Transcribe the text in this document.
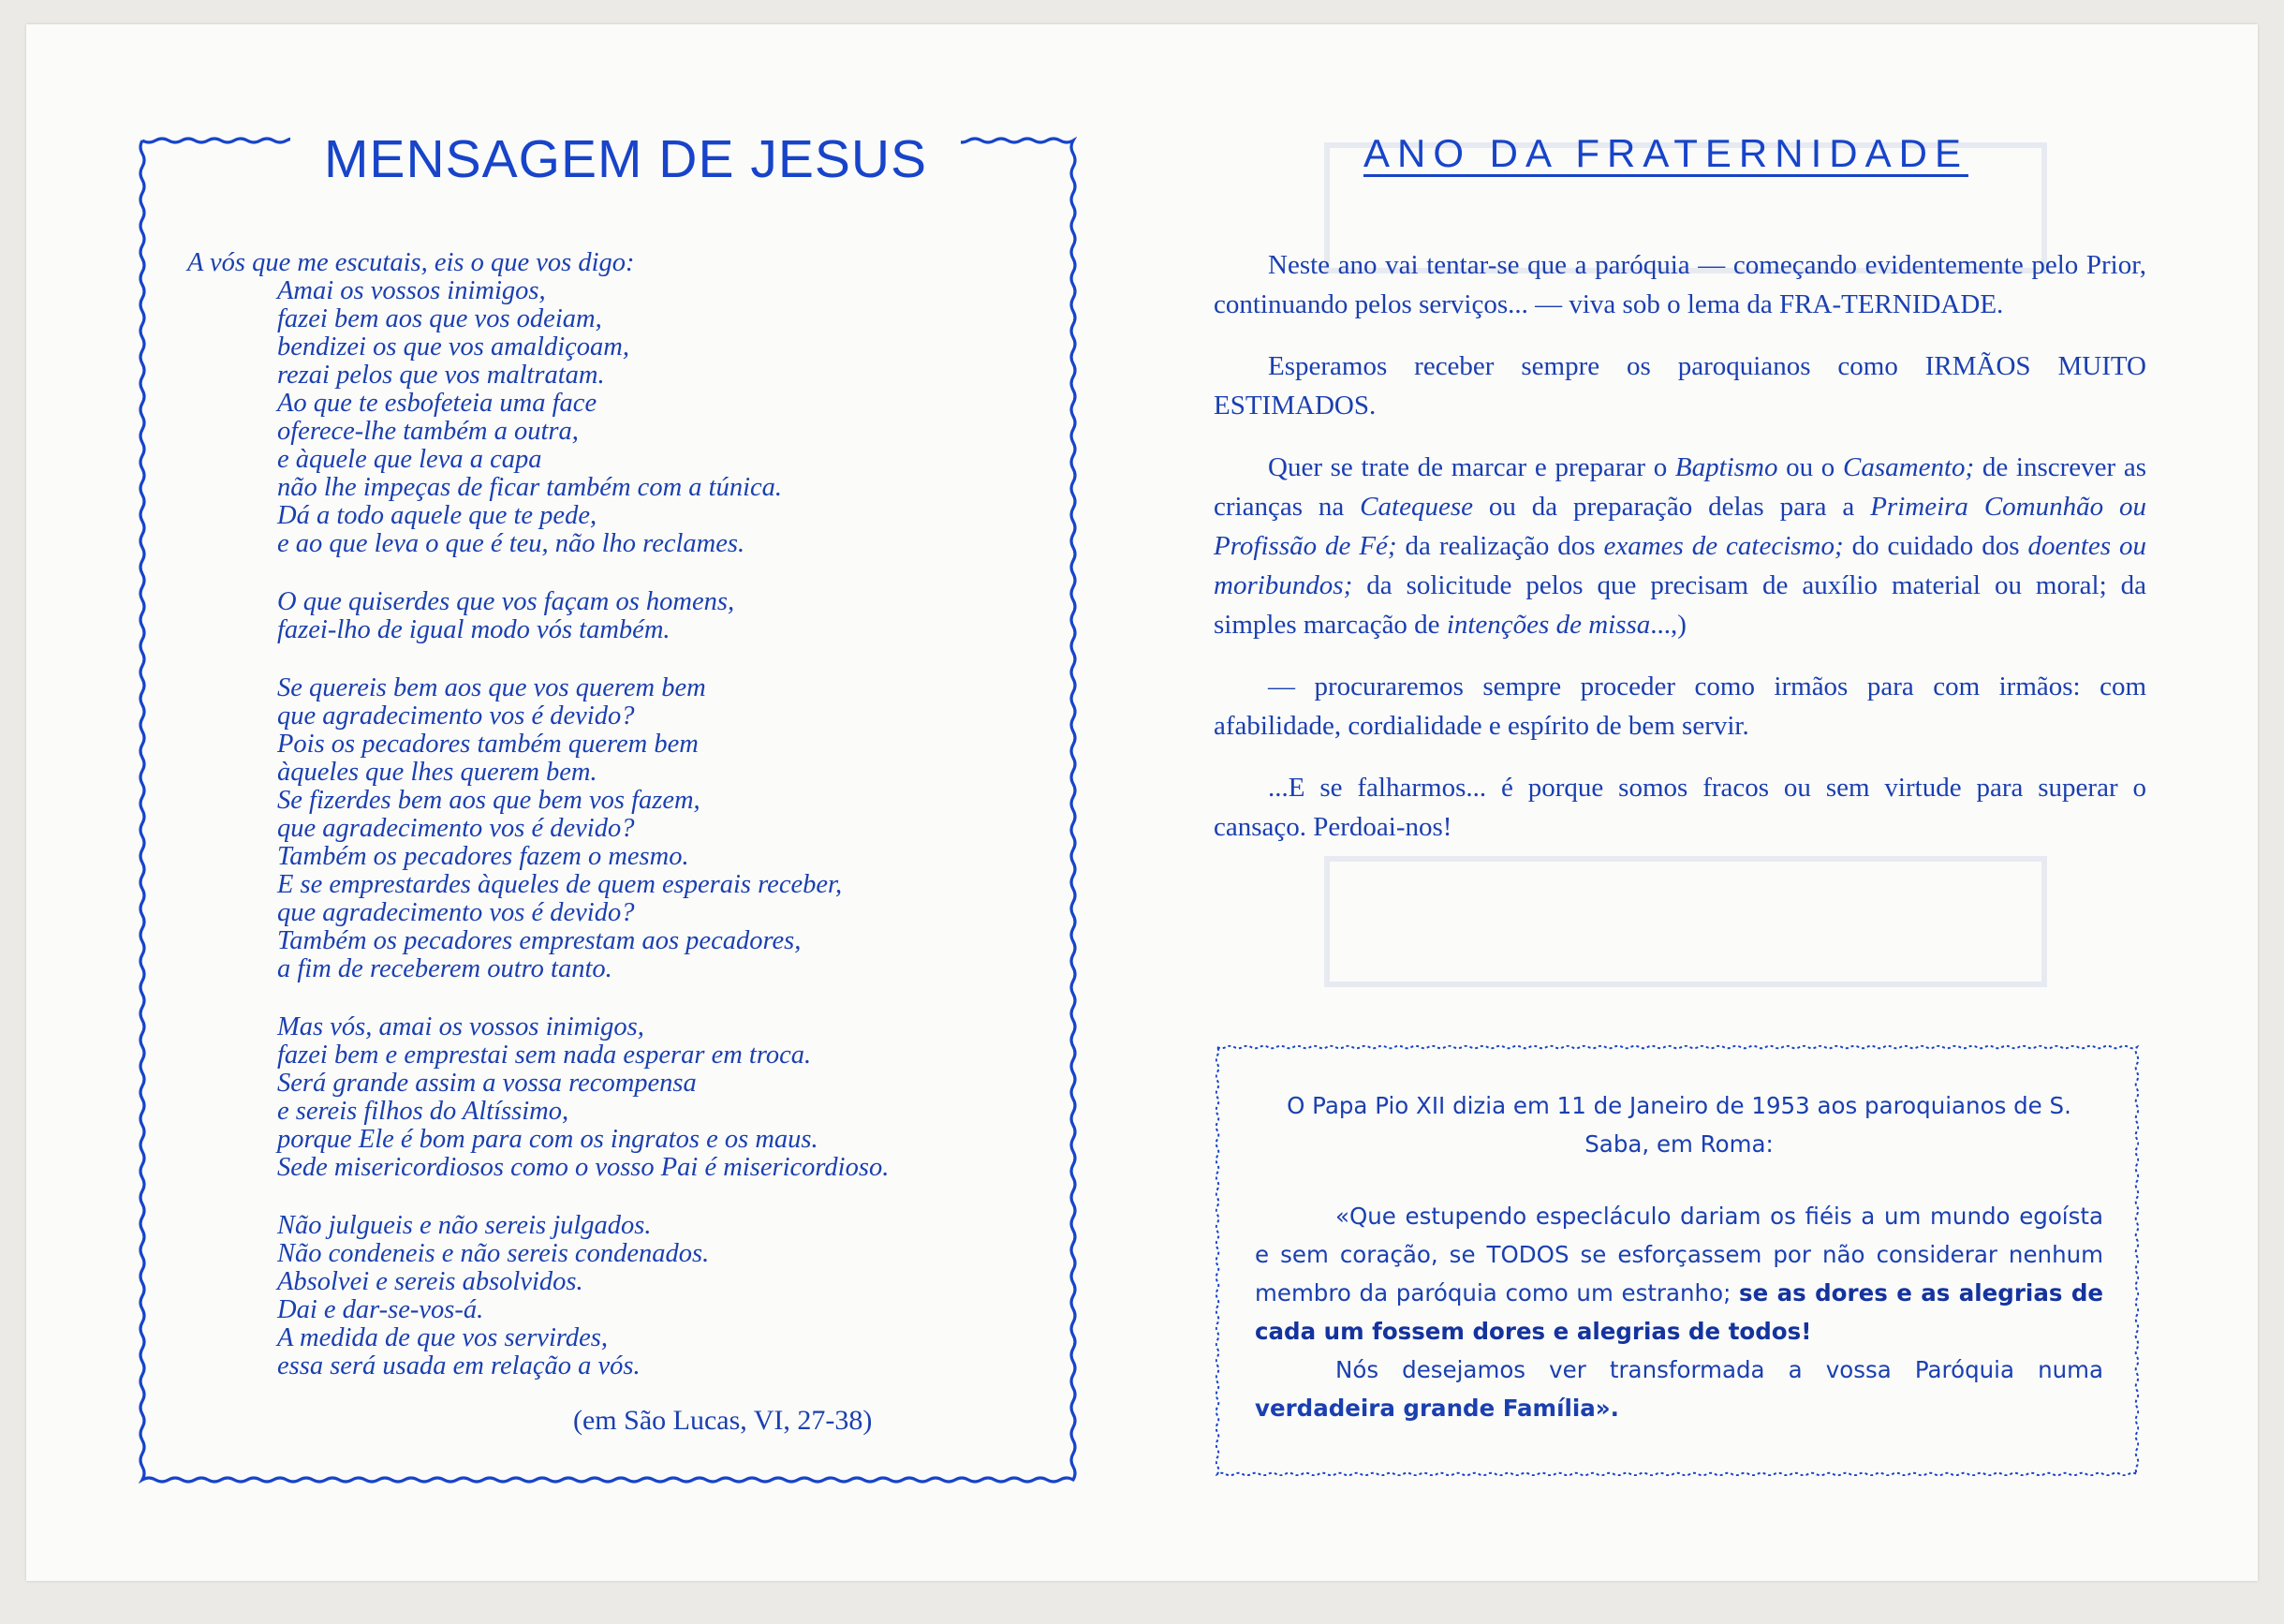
MENSAGEM DE JESUS
A vós que me escutais, eis o que vos digo:
Amai os vossos inimigos,
fazei bem aos que vos odeiam,
bendizei os que vos amaldiçoam,
rezai pelos que vos maltratam.
Ao que te esbofeteia uma face
oferece-lhe também a outra,
e àquele que leva a capa
não lhe impeças de ficar também com a túnica.
Dá a todo aquele que te pede,
e ao que leva o que é teu, não lho reclames.
O que quiserdes que vos façam os homens,
fazei-lho de igual modo vós também.
Se quereis bem aos que vos querem bem
que agradecimento vos é devido?
Pois os pecadores também querem bem
àqueles que lhes querem bem.
Se fizerdes bem aos que bem vos fazem,
que agradecimento vos é devido?
Também os pecadores fazem o mesmo.
E se emprestardes àqueles de quem esperais receber,
que agradecimento vos é devido?
Também os pecadores emprestam aos pecadores,
a fim de receberem outro tanto.
Mas vós, amai os vossos inimigos,
fazei bem e emprestai sem nada esperar em troca.
Será grande assim a vossa recompensa
e sereis filhos do Altíssimo,
porque Ele é bom para com os ingratos e os maus.
Sede misericordiosos como o vosso Pai é misericordioso.
Não julgueis e não sereis julgados.
Não condeneis e não sereis condenados.
Absolvei e sereis absolvidos.
Dai e dar-se-vos-á.
A medida de que vos servirdes,
essa será usada em relação a vós.
(em São Lucas, VI, 27-38)
ANO DA FRATERNIDADE

Neste ano vai tentar-se que a paróquia — começando evidentemente pelo Prior, continuando pelos serviços... — viva sob o lema da FRA-TERNIDADE.

Esperamos receber sempre os paroquianos como IRMÃOS MUITO ESTIMADOS.

Quer se trate de marcar e preparar o Baptismo ou o Casamento; de inscrever as crianças na Catequese ou da preparação delas para a Primeira Comunhão ou Profissão de Fé; da realização dos exames de catecismo; do cuidado dos doentes ou moribundos; da solicitude pelos que precisam de auxílio material ou moral; da simples marcação de intenções de missa...,)

— procuraremos sempre proceder como irmãos para com irmãos: com afabilidade, cordialidade e espírito de bem servir.

...E se falharmos... é porque somos fracos ou sem virtude para superar o cansaço. Perdoai-nos!

O Papa Pio XII dizia em 11 de Janeiro de 1953 aos paroquianos de S. Saba, em Roma:
«Que estupendo especláculo dariam os fiéis a um mundo egoísta e sem coração, se TODOS se esforçassem por não considerar nenhum membro da paróquia como um estranho; se as dores e as alegrias de cada um fossem dores e alegrias de todos!
Nós desejamos ver transformada a vossa Paróquia numa verdadeira grande Família».
